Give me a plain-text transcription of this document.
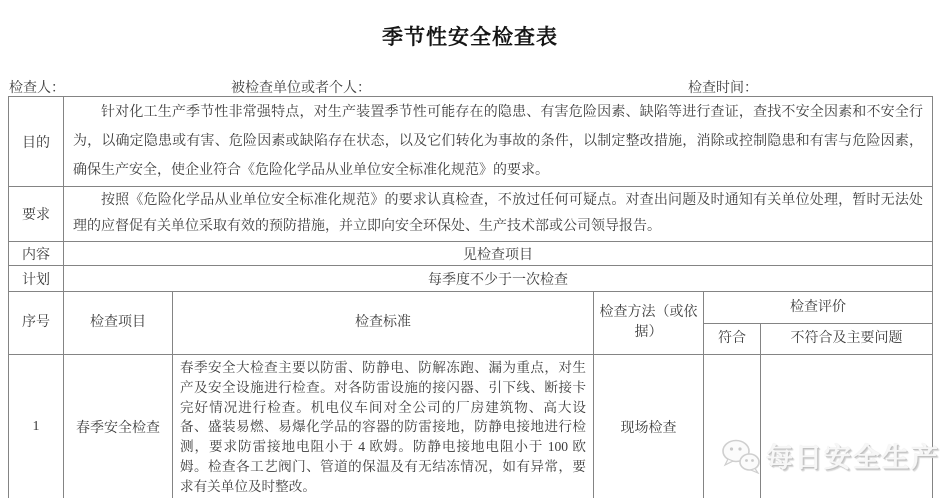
季节性安全检查表
检查人：	被检查单位或者个人：	检查时间：
目的	针对化工生产季节性非常强特点，对生产装置季节性可能存在的隐患、有害危险因素、缺陷等进行查证，查找不安全因素和不安全行为，以确定隐患或有害、危险因素或缺陷存在状态，以及它们转化为事故的条件，以制定整改措施，消除或控制隐患和有害与危险因素，确保生产安全，使企业符合《危险化学品从业单位安全标准化规范》的要求。				
要求	按照《危险化学品从业单位安全标准化规范》的要求认真检查，不放过任何可疑点。对查出问题及时通知有关单位处理，暂时无法处理的应督促有关单位采取有效的预防措施，并立即向安全环保处、生产技术部或公司领导报告。				
内容	见检查项目				
计划	每季度不少于一次检查				
序号	检查项目	检查标准	检查方法（或依据）	检查评价	
				符合	不符合及主要问题
1	春季安全检查	春季安全大检查主要以防雷、防静电、防解冻跑、漏为重点，对生产及安全设施进行检查。对各防雷设施的接闪器、引下线、断接卡完好情况进行检查。机电仪车间对全公司的厂房建筑物、高大设备、盛装易燃、易爆化学品的容器的防雷接地，防静电接地进行检测，要求防雷接地电阻小于 4 欧姆。防静电接地电阻小于 100 欧姆。检查各工艺阀门、管道的保温及有无结冻情况，如有异常，要求有关单位及时整改。	现场检查		
每日安全生产
